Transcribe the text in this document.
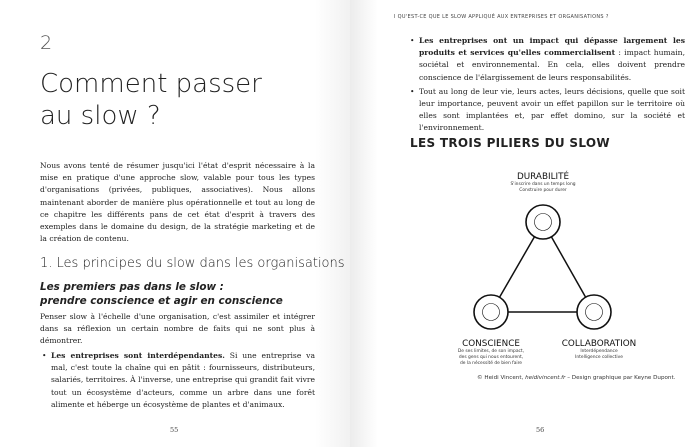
2
Comment passer au slow ?
Nous avons tenté de résumer jusqu'ici l'état d'esprit nécessaire à la mise en pratique d'une approche slow, valable pour tous les types d'organisations (privées, publiques, associatives). Nous allons maintenant aborder de manière plus opérationnelle et tout au long de ce chapitre les différents pans de cet état d'esprit à travers des exemples dans le domaine du design, de la stratégie marketing et de la création de contenu.
1. Les principes du slow dans les organisations
Les premiers pas dans le slow :
prendre conscience et agir en conscience
Penser slow à l'échelle d'une organisation, c'est assimiler et intégrer dans sa réflexion un certain nombre de faits qui ne sont plus à démontrer.
• Les entreprises sont interdépendantes. Si une entreprise va mal, c'est toute la chaîne qui en pâtit : fournisseurs, distributeurs, salariés, territoires. À l'inverse, une entreprise qui grandit fait vivre tout un écosystème d'acteurs, comme un arbre dans une forêt alimente et héberge un écosystème de plantes et d'animaux.
55
I QU'EST-CE QUE LE SLOW APPLIQUÉ AUX ENTREPRISES ET ORGANISATIONS ?
• Les entreprises ont un impact qui dépasse largement les produits et services qu'elles commercialisent : impact humain, sociétal et environnemental. En cela, elles doivent prendre conscience de l'élargissement de leurs responsabilités.
• Tout au long de leur vie, leurs actes, leurs décisions, quelle que soit leur importance, peuvent avoir un effet papillon sur le territoire où elles sont implantées et, par effet domino, sur la société et l'environnement.
LES TROIS PILIERS DU SLOW
DURABILITÉ
S'inscrire dans un temps long
Construire pour durer
CONSCIENCE
De ses limites, de son impact,
des gens qui nous entourent,
de la nécessité de bien faire
COLLABORATION
Interdépendance
Intelligence collective
© Heidi Vincent, heidivincent.fr – Design graphique par Keyne Dupont.
56
